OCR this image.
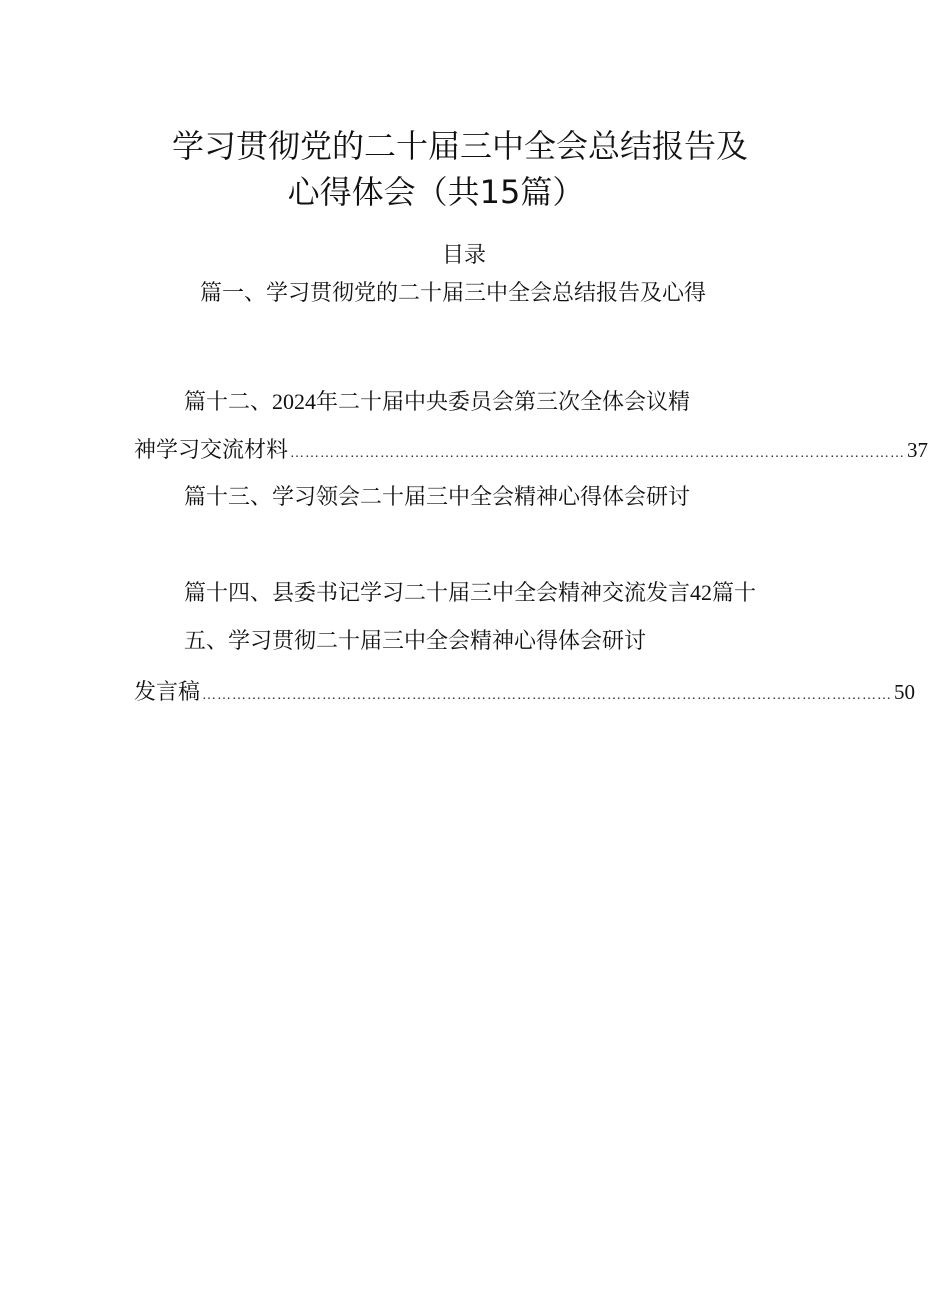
学习贯彻党的二十届三中全会总结报告及
心得体会（共15篇）
目录
篇一、学习贯彻党的二十届三中全会总结报告及心得
篇十二、2024年二十届中央委员会第三次全体会议精
神学习交流材料 …………………………………………………………………………………………………………… 37
篇十三、学习领会二十届三中全会精神心得体会研讨
篇十四、县委书记学习二十届三中全会精神交流发言42篇十
五、学习贯彻二十届三中全会精神心得体会研讨
发言稿 ………………………………………………………………………………………………………………………… 50
